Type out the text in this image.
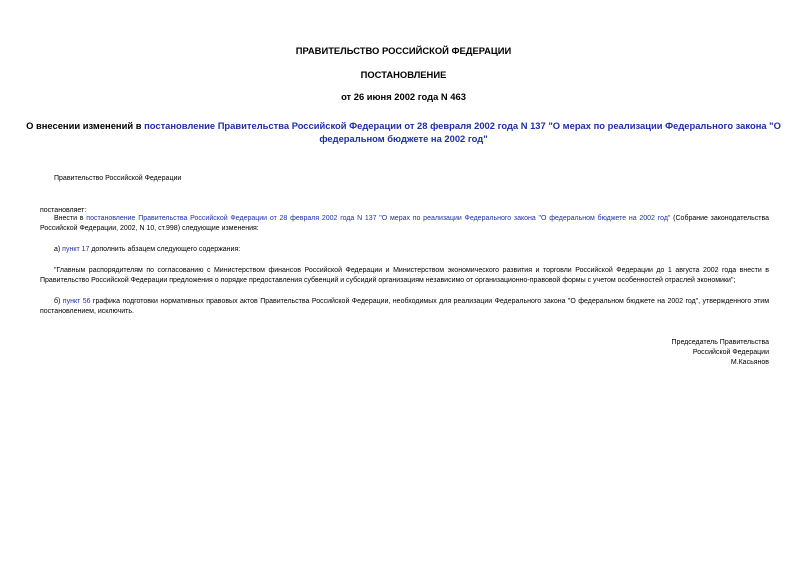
ПРАВИТЕЛЬСТВО РОССИЙСКОЙ ФЕДЕРАЦИИ
ПОСТАНОВЛЕНИЕ
от 26 июня 2002 года N 463
О внесении изменений в постановление Правительства Российской Федерации от 28 февраля 2002 года N 137 "О мерах по реализации Федерального закона "О федеральном бюджете на 2002 год"
Правительство Российской Федерации
постановляет:
Внести в постановление Правительства Российской Федерации от 28 февраля 2002 года N 137 "О мерах по реализации Федерального закона "О федеральном бюджете на 2002 год" (Собрание законодательства Российской Федерации, 2002, N 10, ст.998) следующие изменения:
а) пункт 17 дополнить абзацем следующего содержания:
"Главным распорядителям по согласованию с Министерством финансов Российской Федерации и Министерством экономического развития и торговли Российской Федерации до 1 августа 2002 года внести в Правительство Российской Федерации предложения о порядке предоставления субвенций и субсидий организациям независимо от организационно-правовой формы с учетом особенностей отраслей экономики";
б) пункт 56 графика подготовки нормативных правовых актов Правительства Российской Федерации, необходимых для реализации Федерального закона "О федеральном бюджете на 2002 год", утвержденного этим постановлением, исключить.
Председатель Правительства
Российской Федерации
М.Касьянов
